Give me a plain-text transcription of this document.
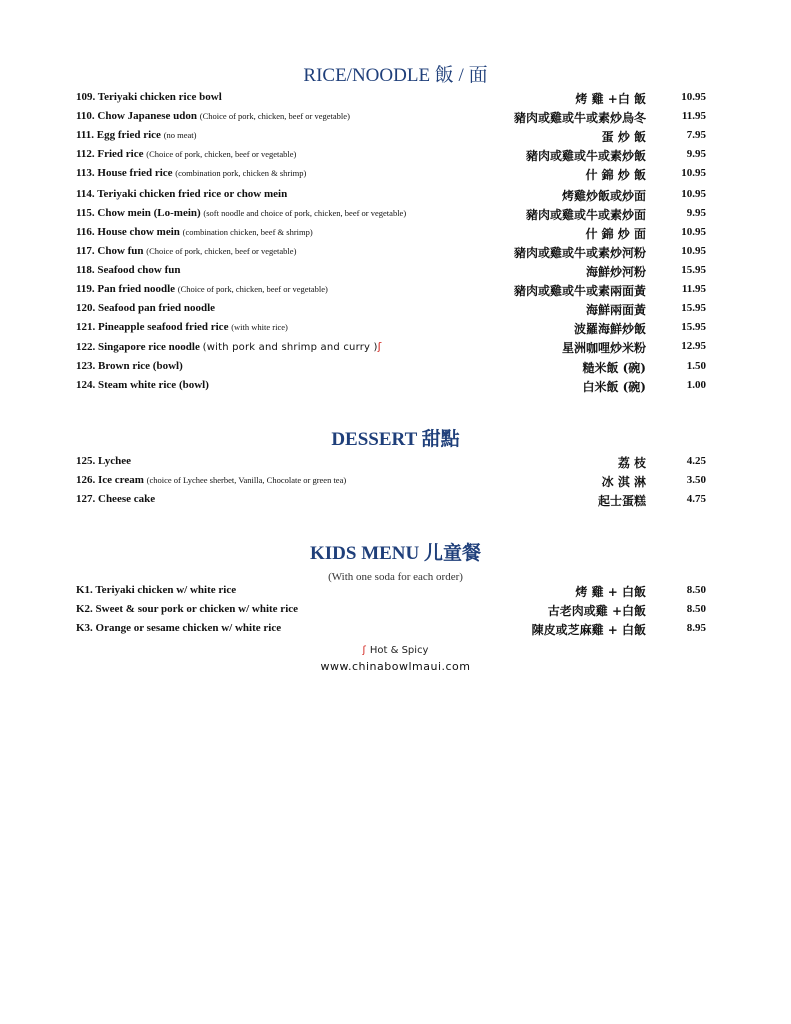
RICE/NOODLE 飯 / 面
109. Teriyaki chicken rice bowl	烤 雞 +白 飯	10.95
110. Chow Japanese udon (Choice of pork, chicken, beef or vegetable)	豬肉或雞或牛或素炒烏冬	11.95
111. Egg fried rice (no meat)	蛋 炒 飯	7.95
112. Fried rice (Choice of pork, chicken, beef or vegetable)	豬肉或雞或牛或素炒飯	9.95
113. House fried rice (combination pork, chicken & shrimp)	什 錦 炒 飯	10.95
114. Teriyaki chicken fried rice or chow mein	烤雞炒飯或炒面	10.95
115. Chow mein (Lo-mein) (soft noodle and choice of pork, chicken, beef or vegetable)	豬肉或雞或牛或素炒面	9.95
116. House chow mein (combination chicken, beef & shrimp)	什 錦 炒 面	10.95
117. Chow fun (Choice of pork, chicken, beef or vegetable)	豬肉或雞或牛或素炒河粉	10.95
118. Seafood chow fun	海鮮炒河粉	15.95
119. Pan fried noodle (Choice of pork, chicken, beef or vegetable)	豬肉或雞或牛或素兩面黃	11.95
120. Seafood pan fried noodle	海鮮兩面黃	15.95
121. Pineapple seafood fried rice (with white rice)	波羅海鮮炒飯	15.95
122. Singapore rice noodle (with pork and shrimp and curry )ʃ	星洲咖哩炒米粉	12.95
123. Brown rice (bowl)	糙米飯 (碗)	1.50
124. Steam white rice (bowl)	白米飯 (碗)	1.00
DESSERT 甜點
125. Lychee	荔 枝	4.25
126. Ice cream (choice of Lychee sherbet, Vanilla, Chocolate or green tea)	冰 淇 淋	3.50
127. Cheese cake	起士蛋糕	4.75
KIDS MENU 儿童餐
(With one soda for each order)
K1. Teriyaki chicken w/ white rice	烤 雞 + 白飯	8.50
K2. Sweet & sour pork or chicken w/ white rice	古老肉或雞 +白飯	8.50
K3. Orange or sesame chicken w/ white rice	陳皮或芝麻雞 + 白飯	8.95
ʃ Hot & Spicy
www.chinabowlmaui.com
